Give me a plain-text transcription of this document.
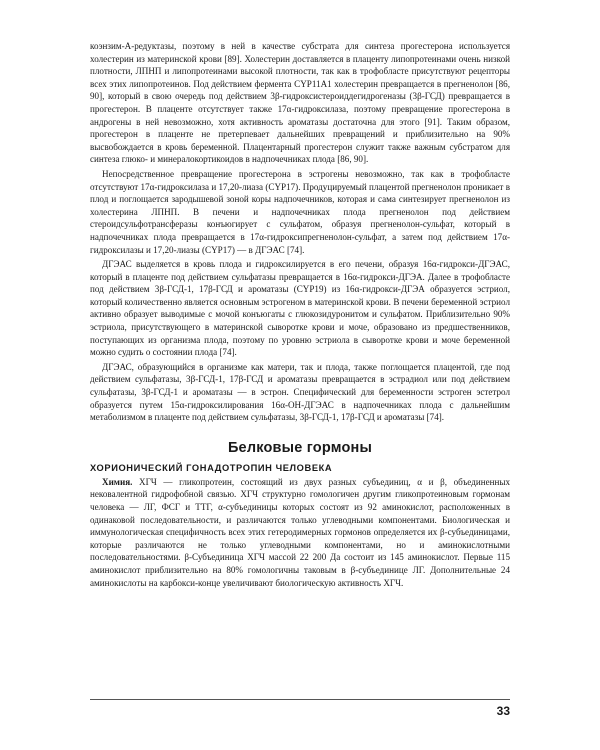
коэнзим-А-редуктазы, поэтому в ней в качестве субстрата для синтеза прогестерона используется холестерин из материнской крови [89]. Холестерин доставляется в плаценту липопротеинами очень низкой плотности, ЛПНП и липопротеинами высокой плотности, так как в трофобласте присутствуют рецепторы всех этих липопротеинов. Под действием фермента CYP11A1 холестерин превращается в прегненолон [86, 90], который в свою очередь под действием 3β-гидроксистероиддегидрогеназы (3β-ГСД) превращается в прогестерон. В плаценте отсутствует также 17α-гидроксилаза, поэтому превращение прогестерона в андрогены в ней невозможно, хотя активность ароматазы достаточна для этого [91]. Таким образом, прогестерон в плаценте не претерпевает дальнейших превращений и приблизительно на 90% высвобождается в кровь беременной. Плацентарный прогестерон служит также важным субстратом для синтеза глюко- и минералокортикоидов в надпочечниках плода [86, 90].

Непосредственное превращение прогестерона в эстрогены невозможно, так как в трофобласте отсутствуют 17α-гидроксилаза и 17,20-лиаза (CYP17). Продуцируемый плацентой прегненолон проникает в плод и поглощается зародышевой зоной коры надпочечников, которая и сама синтезирует прегненолон из холестерина ЛПНП. В печени и надпочечниках плода прегненолон под действием стероидсульфотрансферазы конъюгирует с сульфатом, образуя прегненолон-сульфат, который в надпочечниках плода превращается в 17α-гидроксипрегненолон-сульфат, а затем под действием 17α-гидроксилазы и 17,20-лиазы (CYP17) — в ДГЭАС [74].

ДГЭАС выделяется в кровь плода и гидроксилируется в его печени, образуя 16α-гидрокси-ДГЭАС, который в плаценте под действием сульфатазы превращается в 16α-гидрокси-ДГЭА. Далее в трофобласте под действием 3β-ГСД-1, 17β-ГСД и ароматазы (CYP19) из 16α-гидрокси-ДГЭА образуется эстриол, который количественно является основным эстрогеном в материнской крови. В печени беременной эстриол активно образует выводимые с мочой конъюгаты с глюкозидуронитом и сульфатом. Приблизительно 90% эстриола, присутствующего в материнской сыворотке крови и моче, образовано из предшественников, поступающих из организма плода, поэтому по уровню эстриола в сыворотке крови и моче беременной можно судить о состоянии плода [74].

ДГЭАС, образующийся в организме как матери, так и плода, также поглощается плацентой, где под действием сульфатазы, 3β-ГСД-1, 17β-ГСД и ароматазы превращается в эстрадиол или под действием сульфатазы, 3β-ГСД-1 и ароматазы — в эстрон. Специфический для беременности эстроген эстетрол образуется путем 15α-гидроксилирования 16α-ОН-ДГЭАС в надпочечниках плода с дальнейшим метаболизмом в плаценте под действием сульфатазы, 3β-ГСД-1, 17β-ГСД и ароматазы [74].

Белковые гормоны
ХОРИОНИЧЕСКИЙ ГОНАДОТРОПИН ЧЕЛОВЕКА

Химия. ХГЧ — гликопротеин, состоящий из двух разных субъединиц, α и β, объединенных нековалентной гидрофобной связью. ХГЧ структурно гомологичен другим гликопротеиновым гормонам человека — ЛГ, ФСГ и ТТГ, α-субъединицы которых состоят из 92 аминокислот, расположенных в одинаковой последовательности, и различаются только углеводными компонентами. Биологическая и иммунологическая специфичность всех этих гетеродимерных гормонов определяется их β-субъединицами, которые различаются не только углеводными компонентами, но и аминокислотными последовательностями. β-Субъединица ХГЧ массой 22 200 Да состоит из 145 аминокислот. Первые 115 аминокислот приблизительно на 80% гомологичны таковым в β-субъединице ЛГ. Дополнительные 24 аминокислоты на карбокси-конце увеличивают биологическую активность ХГЧ.

33
